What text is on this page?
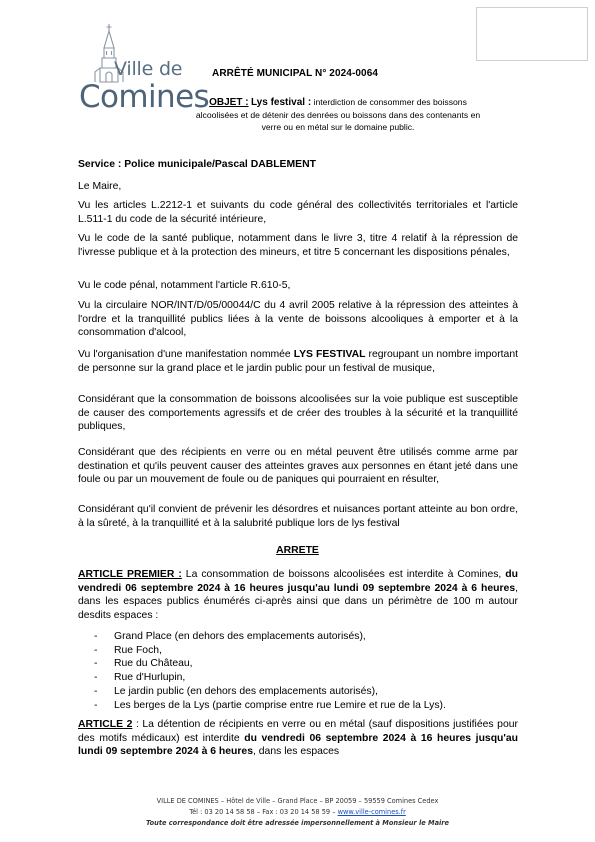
Ville de
Comines
ARRÊTÉ MUNICIPAL N° 2024-0064
OBJET : Lys festival : interdiction de consommer des boissons alcoolisées et de détenir des denrées ou boissons dans des contenants en verre ou en métal sur le domaine public.
Service : Police municipale/Pascal DABLEMENT
Le Maire,
Vu les articles L.2212-1 et suivants du code général des collectivités territoriales et l'article L.511-1 du code de la sécurité intérieure,
Vu le code de la santé publique, notamment dans le livre 3, titre 4 relatif à la répression de l'ivresse publique et à la protection des mineurs, et titre 5 concernant les dispositions pénales,
Vu le code pénal, notamment l'article R.610-5,
Vu la circulaire NOR/INT/D/05/00044/C du 4 avril 2005 relative à la répression des atteintes à l'ordre et la tranquillité publics liées à la vente de boissons alcooliques à emporter et à la consommation d'alcool,
Vu l'organisation d'une manifestation nommée LYS FESTIVAL regroupant un nombre important de personne sur la grand place et le jardin public pour un festival de musique,
Considérant que la consommation de boissons alcoolisées sur la voie publique est susceptible de causer des comportements agressifs et de créer des troubles à la sécurité et la tranquillité publiques,
Considérant que des récipients en verre ou en métal peuvent être utilisés comme arme par destination et qu'ils peuvent causer des atteintes graves aux personnes en étant jeté dans une foule ou par un mouvement de foule ou de paniques qui pourraient en résulter,
Considérant qu'il convient de prévenir les désordres et nuisances portant atteinte au bon ordre, à la sûreté, à la tranquillité et à la salubrité publique lors de lys festival
ARRETE
ARTICLE PREMIER : La consommation de boissons alcoolisées est interdite à Comines, du vendredi 06 septembre 2024 à 16 heures jusqu'au lundi 09 septembre 2024 à 6 heures, dans les espaces publics énumérés ci-après ainsi que dans un périmètre de 100 m autour desdits espaces :
- Grand Place (en dehors des emplacements autorisés),
- Rue Foch,
- Rue du Château,
- Rue d'Hurlupin,
- Le jardin public (en dehors des emplacements autorisés),
- Les berges de la Lys (partie comprise entre rue Lemire et rue de la Lys).
ARTICLE 2 : La détention de récipients en verre ou en métal (sauf dispositions justifiées pour des motifs médicaux) est interdite du vendredi 06 septembre 2024 à 16 heures jusqu'au lundi 09 septembre 2024 à 6 heures, dans les espaces
VILLE DE COMINES – Hôtel de Ville – Grand Place – BP 20059 – 59559 Comines Cedex
Tél : 03 20 14 58 58 – Fax : 03 20 14 58 59 – www.ville-comines.fr
Toute correspondance doit être adressée impersonnellement à Monsieur le Maire
